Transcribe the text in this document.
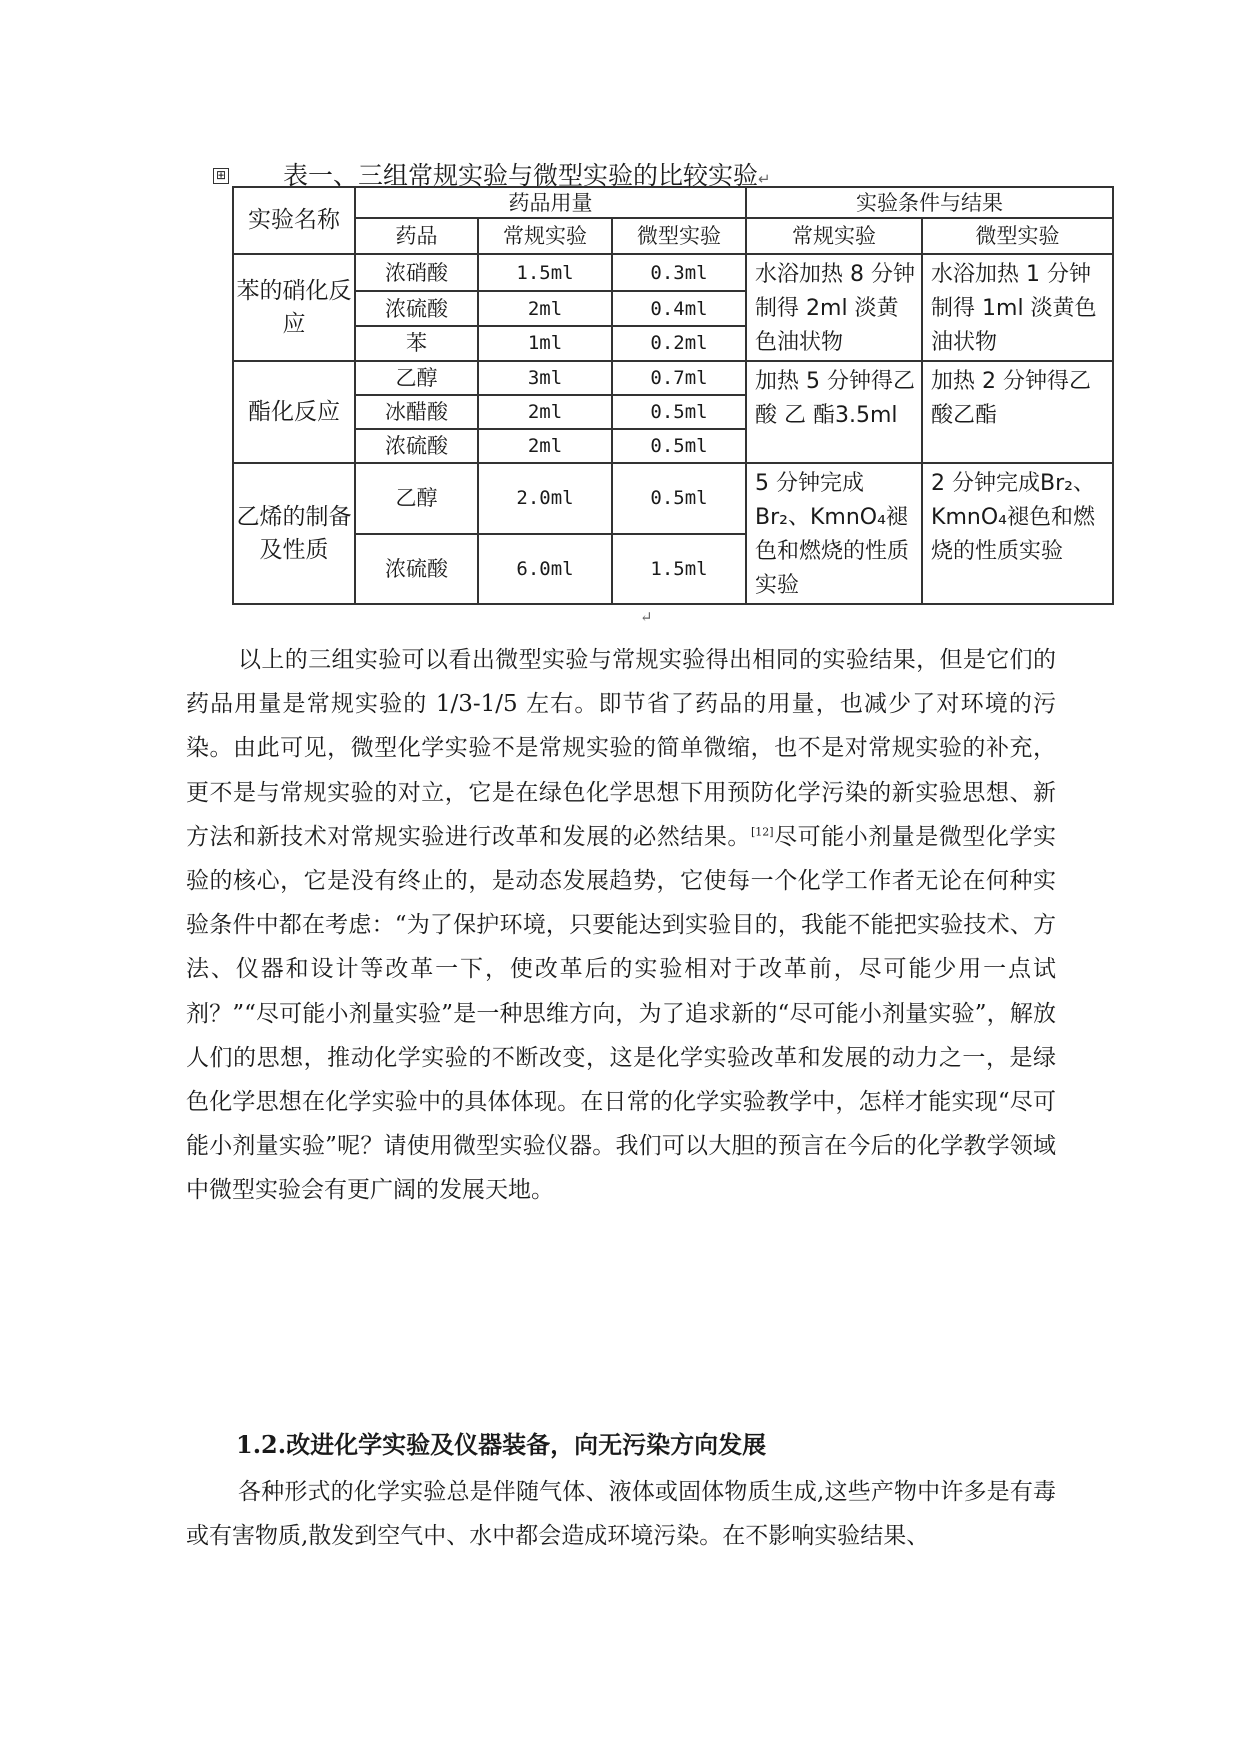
⊞ 表一、三组常规实验与微型实验的比较实验↵
实验名称	药品用量			实验条件与结果	
	药品	常规实验	微型实验	常规实验	微型实验
苯的硝化反应	浓硝酸	1.5ml	0.3ml	水浴加热 8 分钟制得 2ml 淡黄色油状物	水浴加热 1 分钟制得 1ml 淡黄色油状物
	浓硫酸	2ml	0.4ml		
	苯	1ml	0.2ml		
酯化反应	乙醇	3ml	0.7ml	加热 5 分钟得乙 酸 乙 酯3.5ml	加热 2 分钟得乙酸乙酯
	冰醋酸	2ml	0.5ml		
	浓硫酸	2ml	0.5ml		
乙烯的制备及性质	乙醇	2.0ml	0.5ml	5 分钟完成Br₂、KmnO₄褪色和燃烧的性质实验	2 分钟完成Br₂、KmnO₄褪色和燃烧的性质实验
	浓硫酸	6.0ml	1.5ml		
↵

以上的三组实验可以看出微型实验与常规实验得出相同的实验结果，但是它们的药品用量是常规实验的 1/3-1/5 左右。即节省了药品的用量，也减少了对环境的污染。由此可见，微型化学实验不是常规实验的简单微缩，也不是对常规实验的补充，更不是与常规实验的对立，它是在绿色化学思想下用预防化学污染的新实验思想、新方法和新技术对常规实验进行改革和发展的必然结果。[12]尽可能小剂量是微型化学实验的核心，它是没有终止的，是动态发展趋势，它使每一个化学工作者无论在何种实验条件中都在考虑：“为了保护环境，只要能达到实验目的，我能不能把实验技术、方法、仪器和设计等改革一下，使改革后的实验相对于改革前，尽可能少用一点试剂？”“尽可能小剂量实验”是一种思维方向，为了追求新的“尽可能小剂量实验”，解放人们的思想，推动化学实验的不断改变，这是化学实验改革和发展的动力之一，是绿色化学思想在化学实验中的具体体现。在日常的化学实验教学中，怎样才能实现“尽可能小剂量实验”呢？请使用微型实验仪器。我们可以大胆的预言在今后的化学教学领域中微型实验会有更广阔的发展天地。

1.2.改进化学实验及仪器装备，向无污染方向发展

各种形式的化学实验总是伴随气体、液体或固体物质生成,这些产物中许多是有毒或有害物质,散发到空气中、水中都会造成环境污染。在不影响实验结果、
